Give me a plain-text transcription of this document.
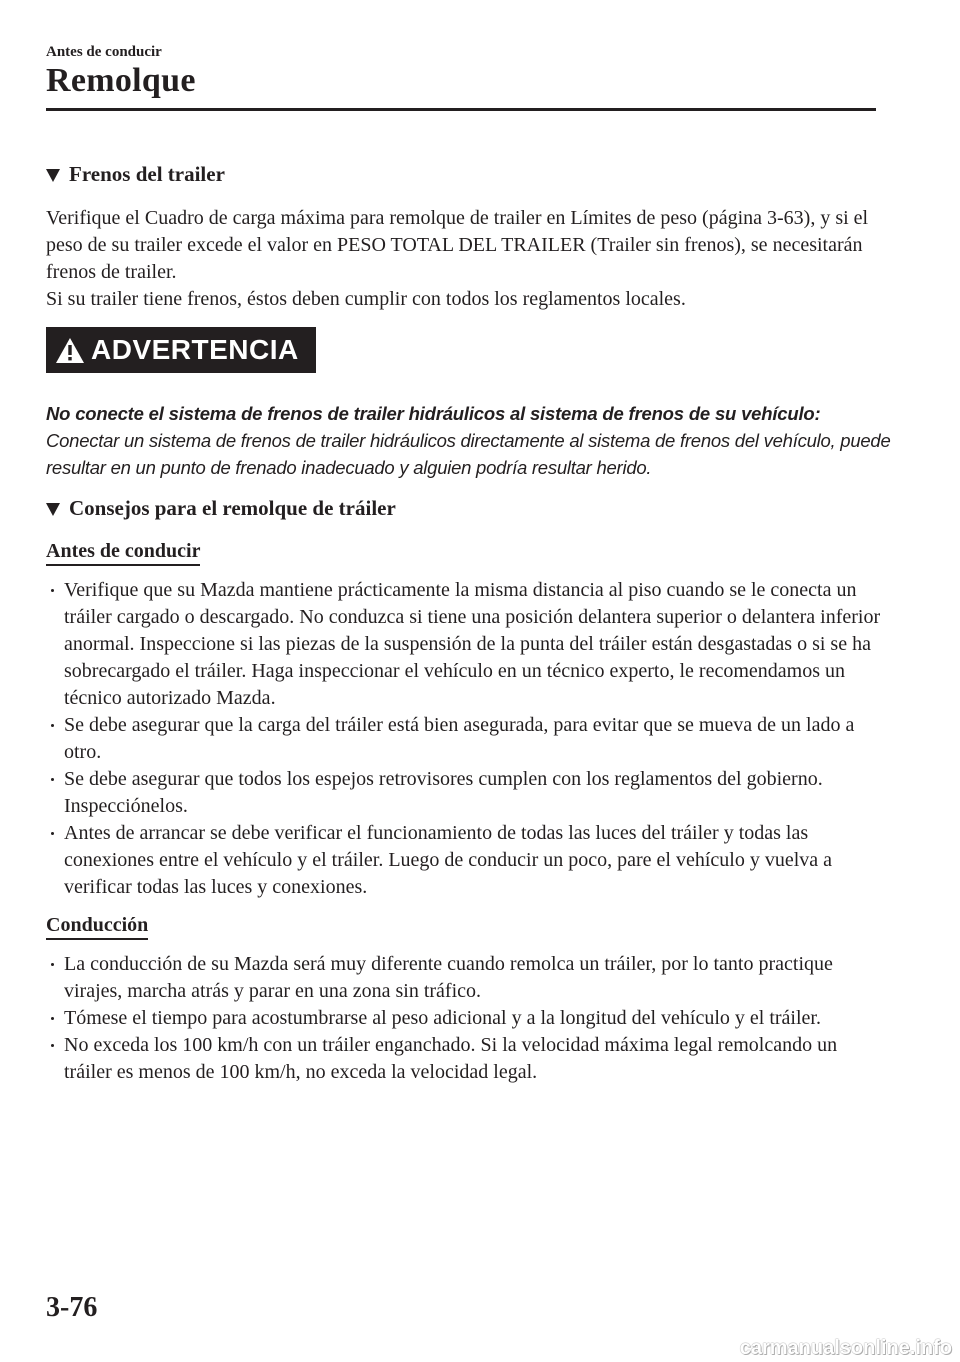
Antes de conducir
Remolque
Frenos del trailer

Verifique el Cuadro de carga máxima para remolque de trailer en Límites de peso (página 3-63), y si el peso de su trailer excede el valor en PESO TOTAL DEL TRAILER (Trailer sin frenos), se necesitarán frenos de trailer.

Si su trailer tiene frenos, éstos deben cumplir con todos los reglamentos locales.

ADVERTENCIA
No conecte el sistema de frenos de trailer hidráulicos al sistema de frenos de su vehículo:
Conectar un sistema de frenos de trailer hidráulicos directamente al sistema de frenos del vehículo, puede resultar en un punto de frenado inadecuado y alguien podría resultar herido.
Consejos para el remolque de tráiler
Antes de conducir
Verifique que su Mazda mantiene prácticamente la misma distancia al piso cuando se le conecta un tráiler cargado o descargado. No conduzca si tiene una posición delantera superior o delantera inferior anormal. Inspeccione si las piezas de la suspensión de la punta del tráiler están desgastadas o si se ha sobrecargado el tráiler. Haga inspeccionar el vehículo en un técnico experto, le recomendamos un técnico autorizado Mazda.
Se debe asegurar que la carga del tráiler está bien asegurada, para evitar que se mueva de un lado a otro.
Se debe asegurar que todos los espejos retrovisores cumplen con los reglamentos del gobierno. Inspecciónelos.
Antes de arrancar se debe verificar el funcionamiento de todas las luces del tráiler y todas las conexiones entre el vehículo y el tráiler. Luego de conducir un poco, pare el vehículo y vuelva a verificar todas las luces y conexiones.
Conducción
La conducción de su Mazda será muy diferente cuando remolca un tráiler, por lo tanto practique virajes, marcha atrás y parar en una zona sin tráfico.
Tómese el tiempo para acostumbrarse al peso adicional y a la longitud del vehículo y el tráiler.
No exceda los 100 km/h con un tráiler enganchado. Si la velocidad máxima legal remolcando un tráiler es menos de 100 km/h, no exceda la velocidad legal.
3-76
carmanualsonline.info
